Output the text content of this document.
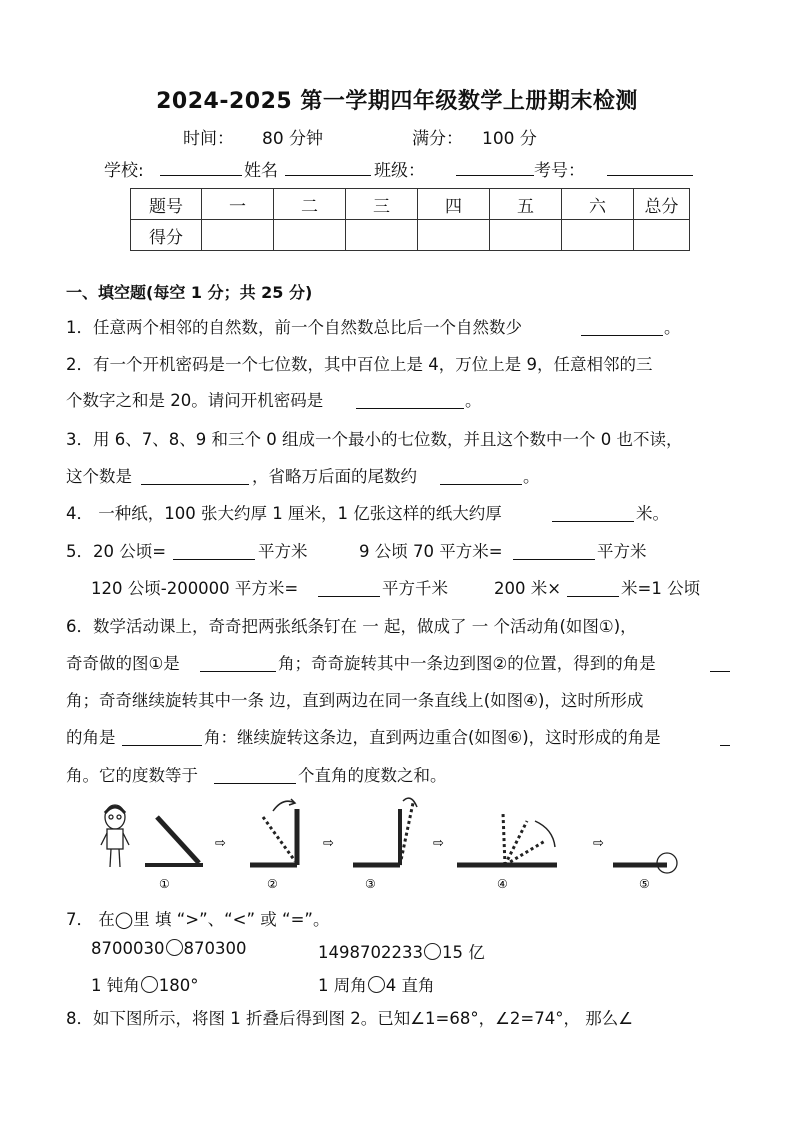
2024-2025 第一学期四年级数学上册期末检测
时间： 80 分钟	满分： 100 分
学校:	姓名	班级：	考号：
题号	一	二	三	四	五	六	总分
得分							
一、填空题(每空 1 分；共 25 分)
1．任意两个相邻的自然数，前一个自然数总比后一个自然数少	。
2．有一个开机密码是一个七位数，其中百位上是 4，万位上是 9，任意相邻的三
个数字之和是 20。请问开机密码是	。
3．用 6、7、8、9 和三个 0 组成一个最小的七位数，并且这个数中一个 0 也不读，
这个数是	，省略万后面的尾数约	。
4． 一种纸，100 张大约厚 1 厘米，1 亿张这样的纸大约厚	米。
5．20 公顷=	平方米	9 公顷 70 平方米=	平方米
120 公顷-200000 平方米=	平方千米	200 米×	米=1 公顷
6．数学活动课上，奇奇把两张纸条钉在 一 起，做成了 一 个活动角(如图①)，
奇奇做的图①是	角；奇奇旋转其中一条边到图②的位置，得到的角是
角；奇奇继续旋转其中一条 边，直到两边在同一条直线上(如图④)，这时所形成
的角是	角：继续旋转这条边，直到两边重合(如图⑥)，这时形成的角是
角。它的度数等于	个直角的度数之和。
⇨	⇨	⇨	⇨
①	②	③	④	⑤
7． 在◯里 填 “>”、“<” 或 “=”。
8700030 870300	1498702233 15 亿
1 钝角 180°	1 周角 4 直角
8．如下图所示，将图 1 折叠后得到图 2。已知∠1=68°，∠2=74°， 那么∠
